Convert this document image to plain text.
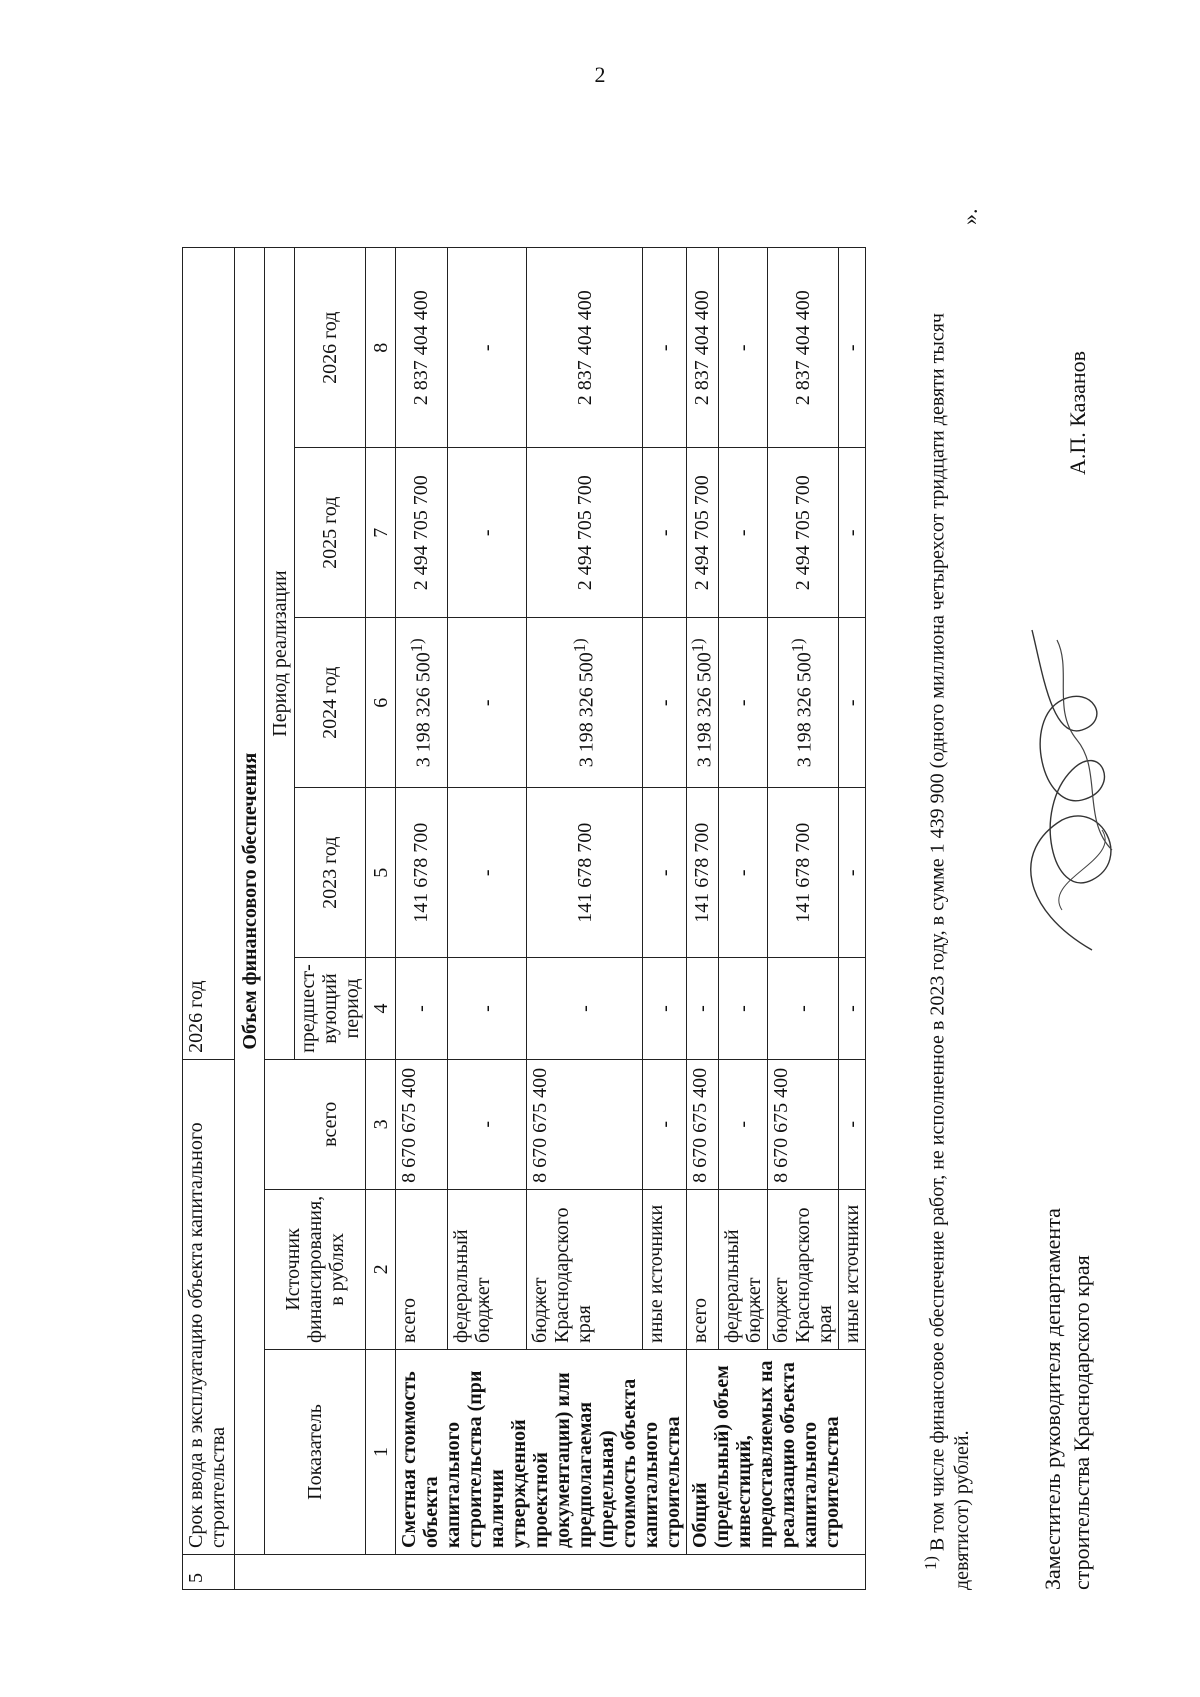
2
5	Срок ввода в эксплуатацию объекта капитального строительства			2026 год				
	Объем финансового обеспечения							
	Показатель	Источник финансирования, в рублях		Период реализации				
			всего	предшест-вующий период	2023 год	2024 год	2025 год	2026 год
	1	2	3	4	5	6	7	8
	Сметная стоимость объекта капитального строительства (при наличии утвержденной проектной документации) или предполагаемая (предельная) стоимость объекта капитального строительства	всего	8 670 675 400	-	141 678 700	3 198 326 500$^{1)}$	2 494 705 700	2 837 404 400
		федеральный бюджет	-	-	-	-	-	-
		бюджет Краснодарского края	8 670 675 400	-	141 678 700	3 198 326 500$^{1)}$	2 494 705 700	2 837 404 400
		иные источники	-	-	-	-	-	-
	Общий (предельный) объем инвестиций, предоставляемых на реализацию объекта капитального строительства	всего	8 670 675 400	-	141 678 700	3 198 326 500$^{1)}$	2 494 705 700	2 837 404 400
		федеральный бюджет	-	-	-	-	-	-
		бюджет Краснодарского края	8 670 675 400	-	141 678 700	3 198 326 500$^{1)}$	2 494 705 700	2 837 404 400
		иные источники	-	-	-	-	-	-
$^{1)}$ В том числе финансовое обеспечение работ, не исполненное в 2023 году, в сумме 1 439 900 (одного миллиона четырехсот тридцати девяти тысяч девятисот) рублей.
».
Заместитель руководителя департамента строительства Краснодарского края
А.П. Казанов
